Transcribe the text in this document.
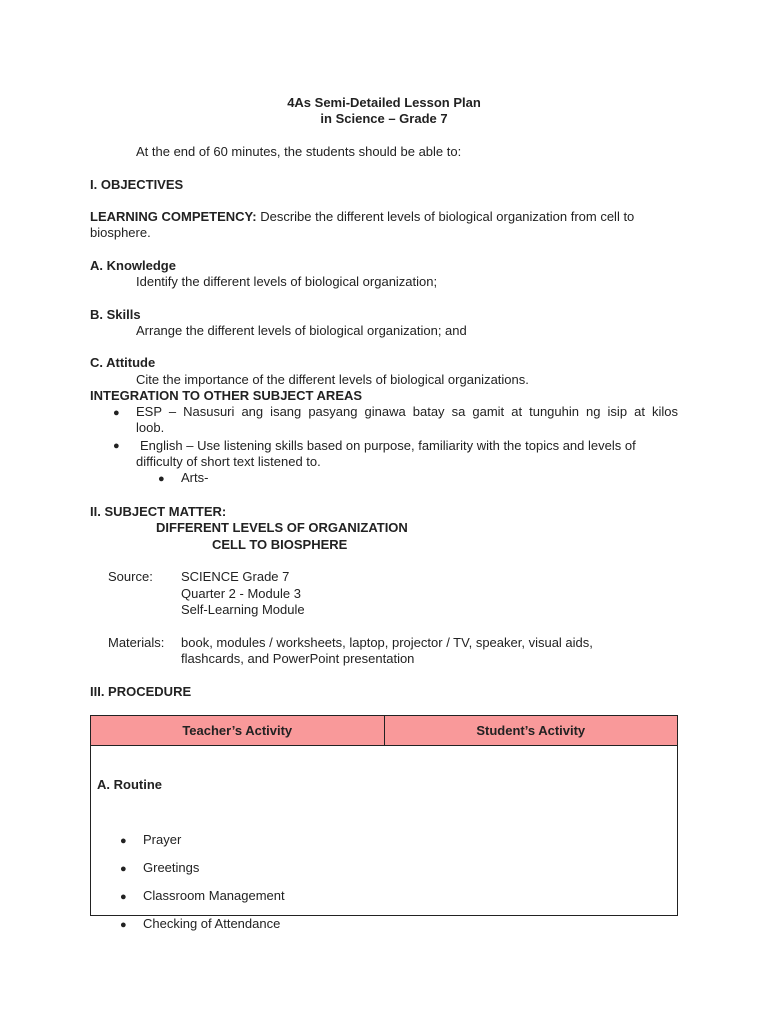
4As Semi-Detailed Lesson Plan

in Science – Grade 7

At the end of 60 minutes, the students should be able to:

I. OBJECTIVES

LEARNING COMPETENCY: Describe the different levels of biological organization from cell to

biosphere.

A. Knowledge

Identify the different levels of biological organization;

B. Skills

Arrange the different levels of biological organization; and

C. Attitude

Cite the importance of the different levels of biological organizations.

INTEGRATION TO OTHER SUBJECT AREAS

● ESP – Nasusuri ang isang pasyang ginawa batay sa gamit at tunguhin ng isip at kilos

loob.

● English – Use listening skills based on purpose, familiarity with the topics and levels of

difficulty of short text listened to.

● Arts-

II. SUBJECT MATTER:

DIFFERENT LEVELS OF ORGANIZATION

CELL TO BIOSPHERE

Source: SCIENCE Grade 7

Quarter 2 - Module 3

Self-Learning Module

Materials: book, modules / worksheets, laptop, projector / TV, speaker, visual aids,

flashcards, and PowerPoint presentation

III. PROCEDURE

Teacher’s Activity	Student’s Activity

A. Routine

● Prayer

● Greetings

● Classroom Management

● Checking of Attendance
